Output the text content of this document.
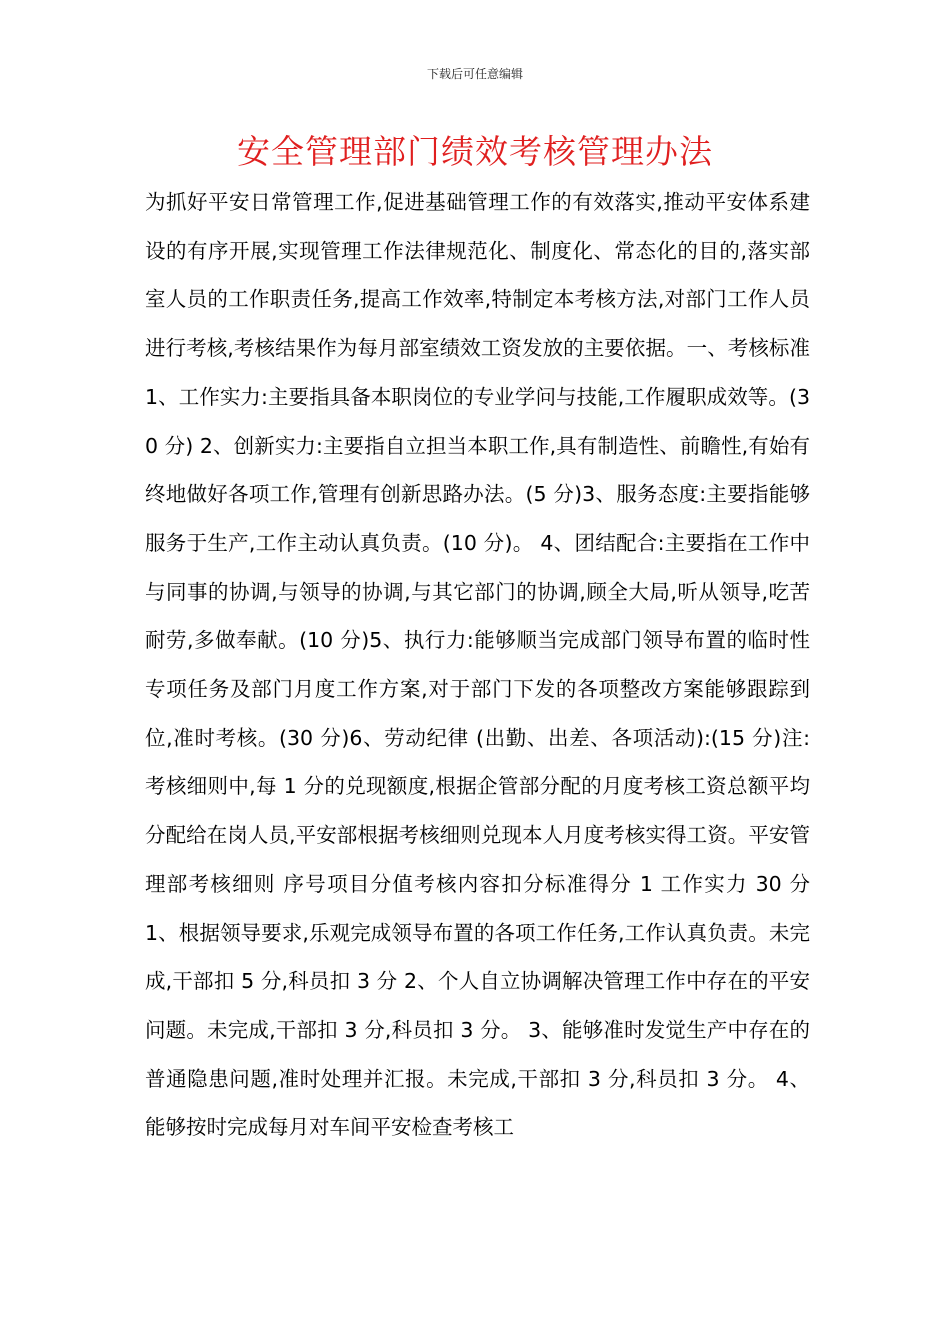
下载后可任意编辑
安全管理部门绩效考核管理办法

为抓好平安日常管理工作,促进基础管理工作的有效落实,推动平安体系建设的有序开展,实现管理工作法律规范化、制度化、常态化的目的,落实部室人员的工作职责任务,提高工作效率,特制定本考核方法,对部门工作人员进行考核,考核结果作为每月部室绩效工资发放的主要依据。一、考核标准 1、工作实力:主要指具备本职岗位的专业学问与技能,工作履职成效等。(30 分) 2、创新实力:主要指自立担当本职工作,具有制造性、前瞻性,有始有终地做好各项工作,管理有创新思路办法。(5 分)3、服务态度:主要指能够服务于生产,工作主动认真负责。(10 分)。 4、团结配合:主要指在工作中与同事的协调,与领导的协调,与其它部门的协调,顾全大局,听从领导,吃苦耐劳,多做奉献。(10 分)5、执行力:能够顺当完成部门领导布置的临时性专项任务及部门月度工作方案,对于部门下发的各项整改方案能够跟踪到位,准时考核。(30 分)6、劳动纪律 (出勤、出差、各项活动):(15 分)注:考核细则中,每 1 分的兑现额度,根据企管部分配的月度考核工资总额平均分配给在岗人员,平安部根据考核细则兑现本人月度考核实得工资。平安管理部考核细则 序号项目分值考核内容扣分标准得分 1 工作实力 30 分 1、根据领导要求,乐观完成领导布置的各项工作任务,工作认真负责。未完成,干部扣 5 分,科员扣 3 分 2、个人自立协调解决管理工作中存在的平安问题。未完成,干部扣 3 分,科员扣 3 分。 3、能够准时发觉生产中存在的普通隐患问题,准时处理并汇报。未完成,干部扣 3 分,科员扣 3 分。 4、能够按时完成每月对车间平安检查考核工
